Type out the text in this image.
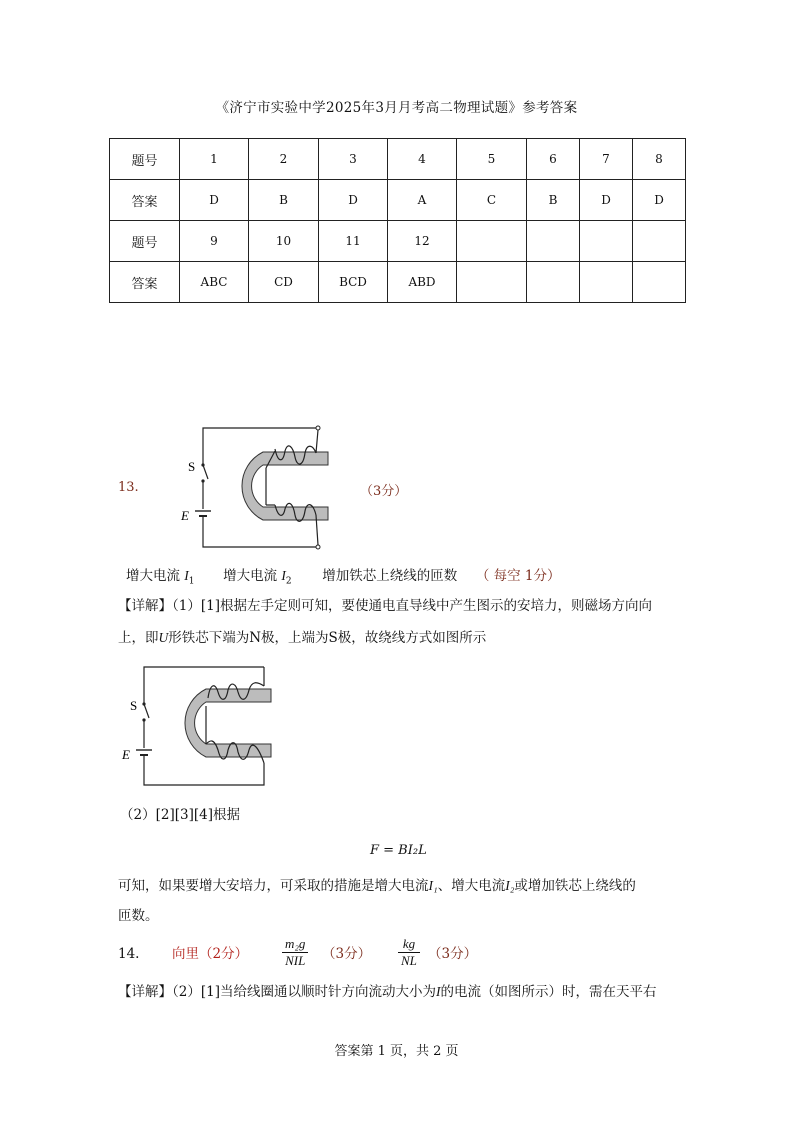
《济宁市实验中学2025年3月月考高二物理试题》参考答案
题号	1	2	3	4	5	6	7	8
答案	D	B	D	A	C	B	D	D
题号	9	10	11	12				
答案	ABC	CD	BCD	ABD				
13.
S
E
（3分）
增大电流 $I_1$ 增大电流 $I_2$ 增加铁芯上绕线的匝数 （ 每空 1分）
【详解】（1）[1]根据左手定则可知，要使通电直导线中产生图示的安培力，则磁场方向向
上，即U形铁芯下端为N极，上端为S极，故绕线方式如图所示
S
E
（2）[2][3][4]根据
F = BI₂L
可知，如果要增大安培力，可采取的措施是增大电流I₁、增大电流I₂或增加铁芯上绕线的
匝数。
14. 向里（2分）	$\frac{\text{m₂g}}{\text{NIL}} (3$分） $\frac{kg}{NL} (3$分）
【详解】（2）[1]当给线圈通以顺时针方向流动大小为I的电流（如图所示）时，需在天平右
答案第 1 页，共 2 页
